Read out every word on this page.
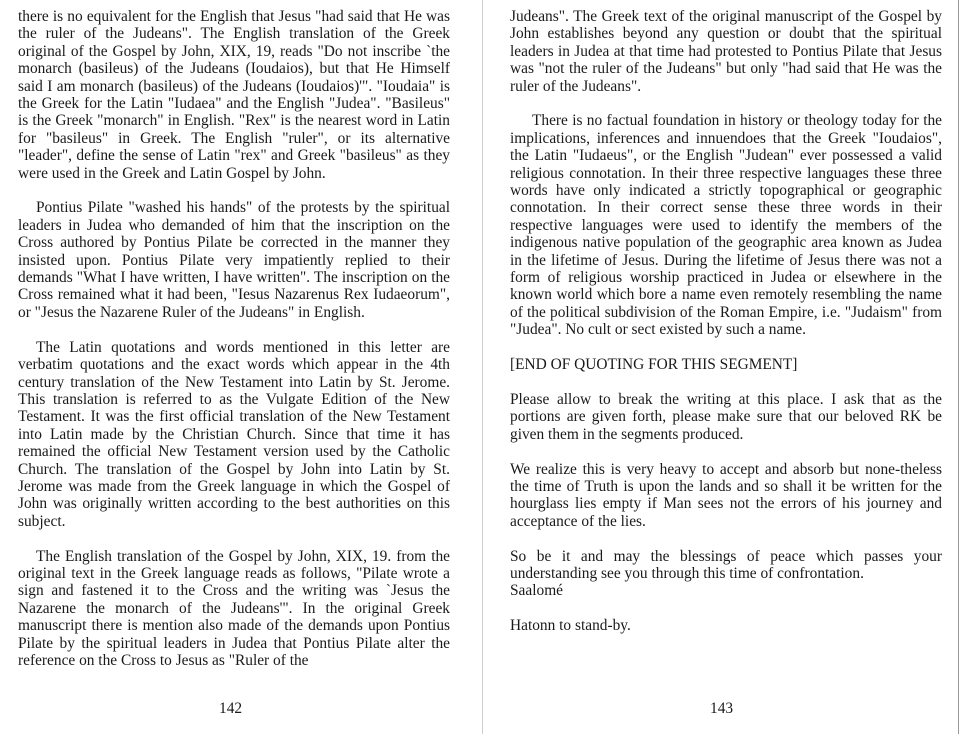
there is no equivalent for the English that Jesus "had said that He was the ruler of the Judeans". The English translation of the Greek original of the Gospel by John, XIX, 19, reads "Do not inscribe `the monarch (basileus) of the Judeans (Ioudaios), but that He Himself said I am monarch (basileus) of the Judeans (Ioudaios)'". "Ioudaia" is the Greek for the Latin "Iudaea" and the English "Judea". "Basileus" is the Greek "monarch" in English. "Rex" is the nearest word in Latin for "basileus" in Greek. The English "ruler", or its alternative "leader", define the sense of Latin "rex" and Greek "basileus" as they were used in the Greek and Latin Gospel by John.

Pontius Pilate "washed his hands" of the protests by the spiritual leaders in Judea who demanded of him that the inscription on the Cross authored by Pontius Pilate be corrected in the manner they insisted upon. Pontius Pilate very impatiently replied to their demands "What I have written, I have written". The inscription on the Cross remained what it had been, "Iesus Nazarenus Rex Iudaeorum", or "Jesus the Nazarene Ruler of the Judeans" in English.

The Latin quotations and words mentioned in this letter are verbatim quotations and the exact words which appear in the 4th century translation of the New Testament into Latin by St. Jerome. This translation is referred to as the Vulgate Edition of the New Testament. It was the first official translation of the New Testament into Latin made by the Christian Church. Since that time it has remained the official New Testament version used by the Catholic Church. The translation of the Gospel by John into Latin by St. Jerome was made from the Greek language in which the Gospel of John was originally written according to the best authorities on this subject.

The English translation of the Gospel by John, XIX, 19. from the original text in the Greek language reads as follows, "Pilate wrote a sign and fastened it to the Cross and the writing was `Jesus the Nazarene the monarch of the Judeans'". In the original Greek manuscript there is mention also made of the demands upon Pontius Pilate by the spiritual leaders in Judea that Pontius Pilate alter the reference on the Cross to Jesus as "Ruler of the

Judeans". The Greek text of the original manuscript of the Gospel by John establishes beyond any question or doubt that the spiritual leaders in Judea at that time had protested to Pontius Pilate that Jesus was "not the ruler of the Judeans" but only "had said that He was the ruler of the Judeans".

There is no factual foundation in history or theology today for the implications, inferences and innuendoes that the Greek "Ioudaios", the Latin "Iudaeus", or the English "Judean" ever possessed a valid religious connotation. In their three respective languages these three words have only indicated a strictly topographical or geographic connotation. In their correct sense these three words in their respective languages were used to identify the members of the indigenous native population of the geographic area known as Judea in the lifetime of Jesus. During the lifetime of Jesus there was not a form of religious worship practiced in Judea or elsewhere in the known world which bore a name even remotely resembling the name of the political subdivision of the Roman Empire, i.e. "Judaism" from "Judea". No cult or sect existed by such a name.

[END OF QUOTING FOR THIS SEGMENT]

Please allow to break the writing at this place. I ask that as the portions are given forth, please make sure that our beloved RK be given them in the segments produced.

We realize this is very heavy to accept and absorb but none-theless the time of Truth is upon the lands and so shall it be written for the hourglass lies empty if Man sees not the errors of his journey and acceptance of the lies.

So be it and may the blessings of peace which passes your understanding see you through this time of confrontation.

Saalomé

Hatonn to stand-by.

142	143
